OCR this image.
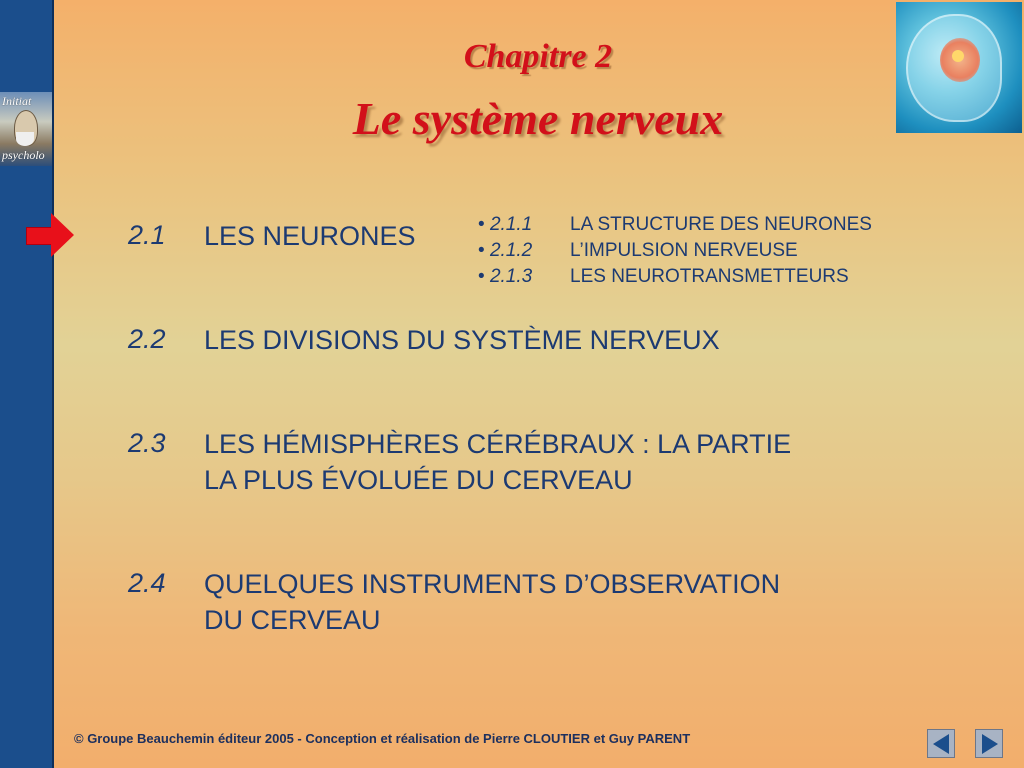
Initiat
psycholo
Chapitre 2
Le système nerveux
2.1 LES NEURONES	• 2.1.1 LA STRUCTURE DES NEURONES
• 2.1.2 L’IMPULSION NERVEUSE
• 2.1.3 LES NEUROTRANSMETTEURS
2.2 LES DIVISIONS DU SYSTÈME NERVEUX
2.3 LES HÉMISPHÈRES CÉRÉBRAUX : LA PARTIE
LA PLUS ÉVOLUÉE DU CERVEAU
2.4 QUELQUES INSTRUMENTS D’OBSERVATION
DU CERVEAU
© Groupe Beauchemin éditeur 2005 - Conception et réalisation de Pierre CLOUTIER et Guy PARENT
